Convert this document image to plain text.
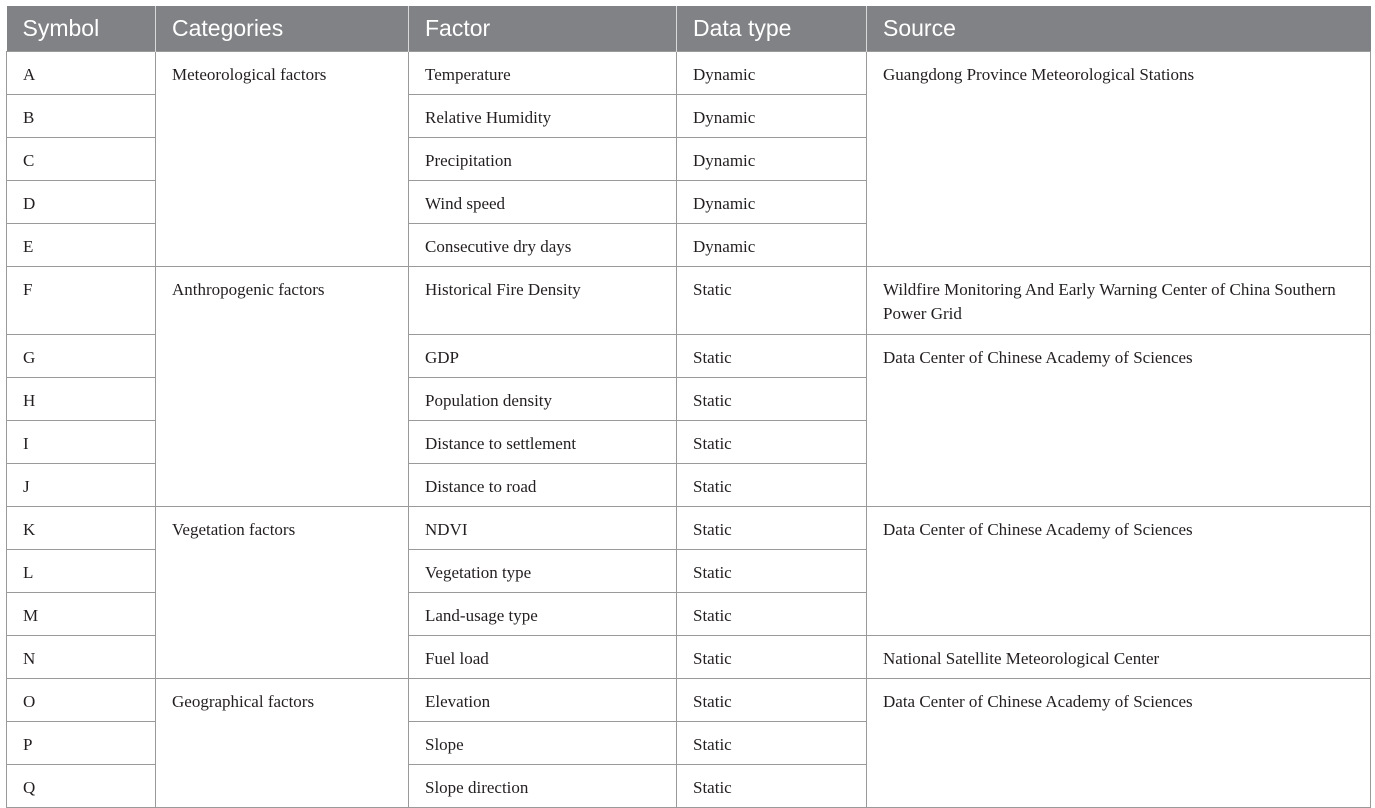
Symbol	Categories	Factor	Data type	Source
A	Meteorological factors	Temperature	Dynamic	Guangdong Province Meteorological Stations
B		Relative Humidity	Dynamic	
C		Precipitation	Dynamic	
D		Wind speed	Dynamic	
E		Consecutive dry days	Dynamic	
F	Anthropogenic factors	Historical Fire Density	Static	Wildfire Monitoring And Early Warning Center of China Southern Power Grid
G		GDP	Static	Data Center of Chinese Academy of Sciences
H		Population density	Static	
I		Distance to settlement	Static	
J		Distance to road	Static	
K	Vegetation factors	NDVI	Static	Data Center of Chinese Academy of Sciences
L		Vegetation type	Static	
M		Land-usage type	Static	
N		Fuel load	Static	National Satellite Meteorological Center
O	Geographical factors	Elevation	Static	Data Center of Chinese Academy of Sciences
P		Slope	Static	
Q		Slope direction	Static	
